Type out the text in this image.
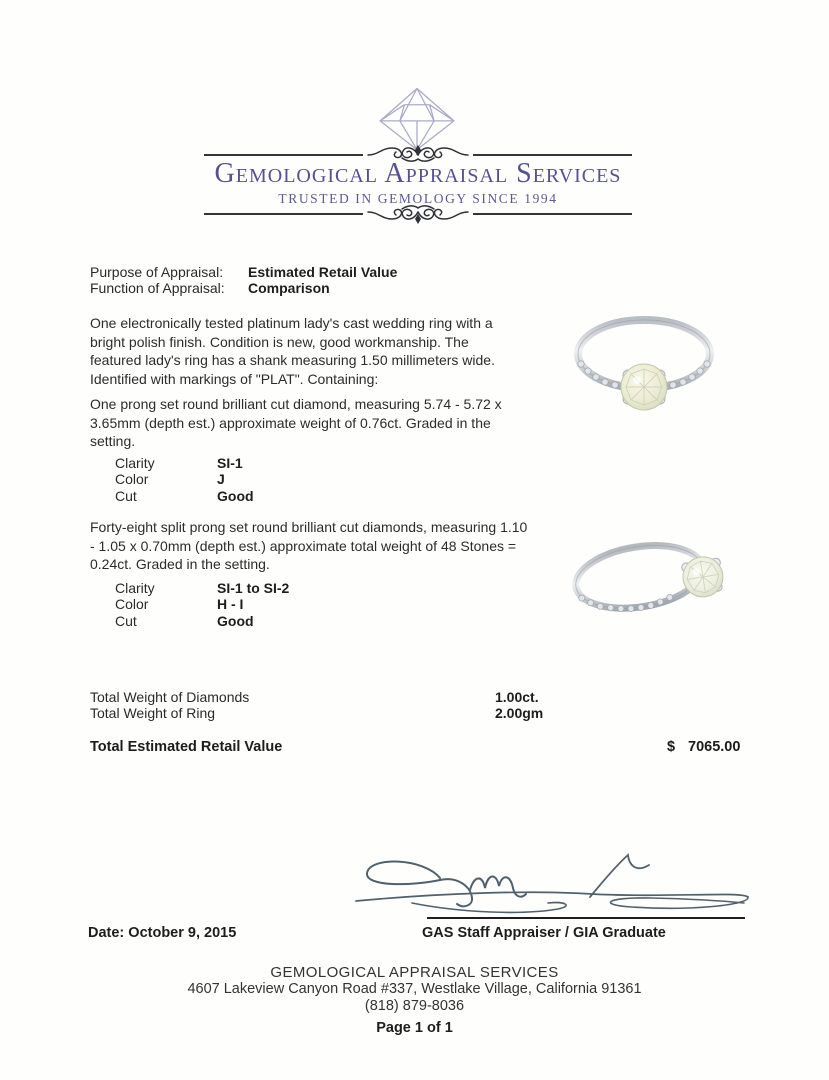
Gemological Appraisal Services
TRUSTED IN GEMOLOGY SINCE 1994
Purpose of Appraisal: Estimated Retail Value
Function of Appraisal: Comparison
One electronically tested platinum lady's cast wedding ring with a bright polish finish. Condition is new, good workmanship. The featured lady's ring has a shank measuring 1.50 millimeters wide. Identified with markings of "PLAT". Containing:
One prong set round brilliant cut diamond, measuring 5.74 - 5.72 x 3.65mm (depth est.) approximate weight of 0.76ct. Graded in the setting.
Clarity	SI-1
Color	J
Cut	Good
Forty-eight split prong set round brilliant cut diamonds, measuring 1.10 - 1.05 x 0.70mm (depth est.) approximate total weight of 48 Stones = 0.24ct. Graded in the setting.
Clarity	SI-1 to SI-2
Color	H - I
Cut	Good
Total Weight of Diamonds	1.00ct.
Total Weight of Ring	2.00gm
Total Estimated Retail Value	$ 7065.00
Date: October 9, 2015	GAS Staff Appraiser / GIA Graduate
GEMOLOGICAL APPRAISAL SERVICES
4607 Lakeview Canyon Road #337, Westlake Village, California 91361
(818) 879-8036
Page 1 of 1
